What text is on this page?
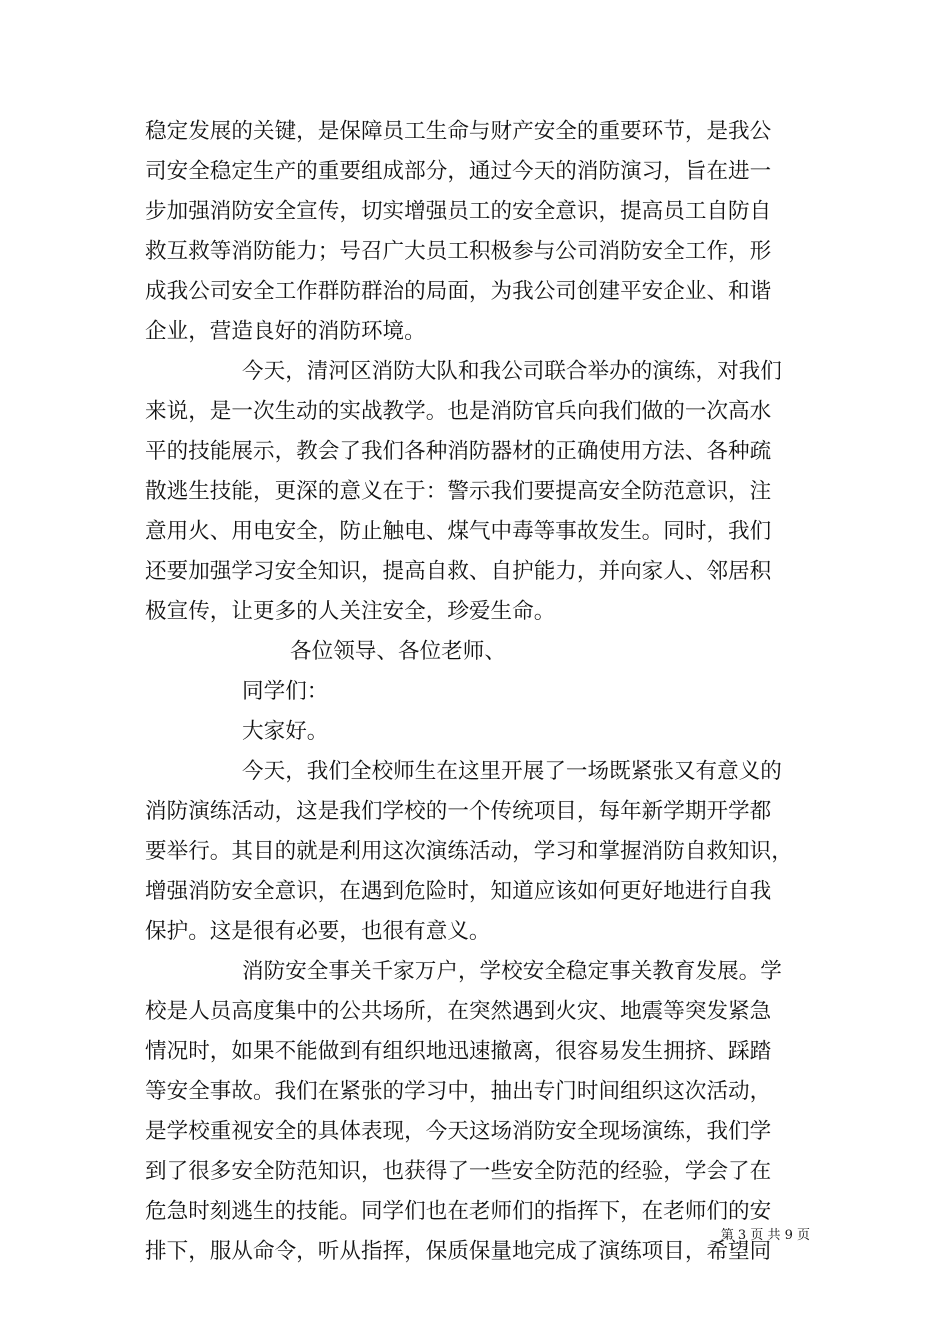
稳定发展的关键，是保障员工生命与财产安全的重要环节，是我公
司安全稳定生产的重要组成部分，通过今天的消防演习，旨在进一
步加强消防安全宣传，切实增强员工的安全意识，提高员工自防自
救互救等消防能力；号召广大员工积极参与公司消防安全工作，形
成我公司安全工作群防群治的局面，为我公司创建平安企业、和谐
企业，营造良好的消防环境。
今天，清河区消防大队和我公司联合举办的演练，对我们
来说，是一次生动的实战教学。也是消防官兵向我们做的一次高水
平的技能展示，教会了我们各种消防器材的正确使用方法、各种疏
散逃生技能，更深的意义在于：警示我们要提高安全防范意识，注
意用火、用电安全，防止触电、煤气中毒等事故发生。同时，我们
还要加强学习安全知识，提高自救、自护能力，并向家人、邻居积
极宣传，让更多的人关注安全，珍爱生命。
各位领导、各位老师、
同学们：
大家好。
今天，我们全校师生在这里开展了一场既紧张又有意义的
消防演练活动，这是我们学校的一个传统项目，每年新学期开学都
要举行。其目的就是利用这次演练活动，学习和掌握消防自救知识，
增强消防安全意识，在遇到危险时，知道应该如何更好地进行自我
保护。这是很有必要，也很有意义。
消防安全事关千家万户，学校安全稳定事关教育发展。学
校是人员高度集中的公共场所，在突然遇到火灾、地震等突发紧急
情况时，如果不能做到有组织地迅速撤离，很容易发生拥挤、踩踏
等安全事故。我们在紧张的学习中，抽出专门时间组织这次活动，
是学校重视安全的具体表现，今天这场消防安全现场演练，我们学
到了很多安全防范知识，也获得了一些安全防范的经验，学会了在
危急时刻逃生的技能。同学们也在老师们的指挥下，在老师们的安
排下，服从命令，听从指挥，保质保量地完成了演练项目，希望同
第 3 页 共 9 页
